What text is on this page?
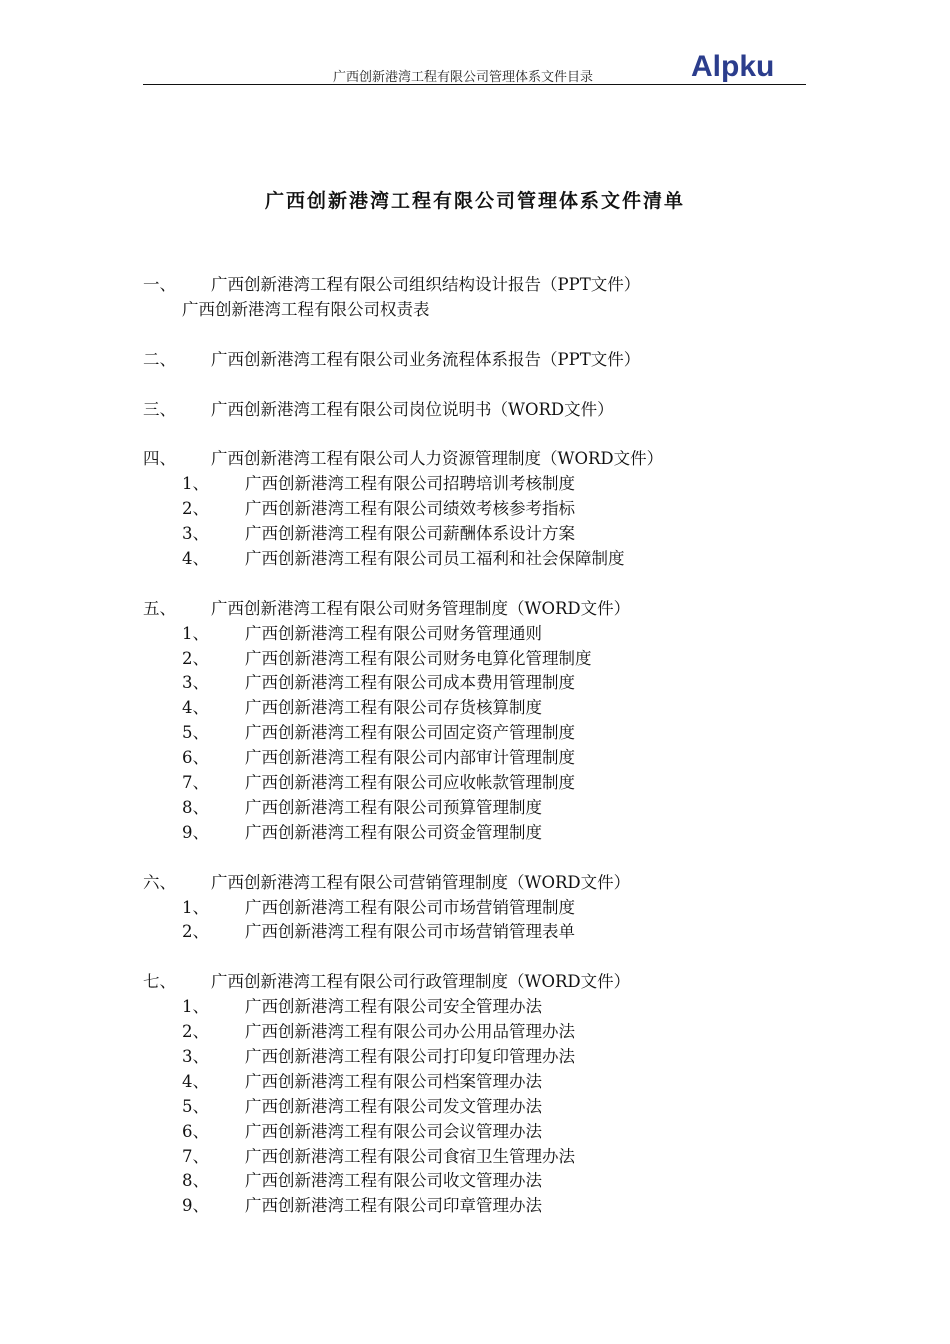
广西创新港湾工程有限公司管理体系文件目录	Alpku
广西创新港湾工程有限公司管理体系文件清单
一、 广西创新港湾工程有限公司组织结构设计报告（PPT文件）
广西创新港湾工程有限公司权责表
二、 广西创新港湾工程有限公司业务流程体系报告（PPT文件）
三、 广西创新港湾工程有限公司岗位说明书（WORD文件）
四、 广西创新港湾工程有限公司人力资源管理制度（WORD文件）
1、 广西创新港湾工程有限公司招聘培训考核制度
2、 广西创新港湾工程有限公司绩效考核参考指标
3、 广西创新港湾工程有限公司薪酬体系设计方案
4、 广西创新港湾工程有限公司员工福利和社会保障制度
五、 广西创新港湾工程有限公司财务管理制度（WORD文件）
1、 广西创新港湾工程有限公司财务管理通则
2、 广西创新港湾工程有限公司财务电算化管理制度
3、 广西创新港湾工程有限公司成本费用管理制度
4、 广西创新港湾工程有限公司存货核算制度
5、 广西创新港湾工程有限公司固定资产管理制度
6、 广西创新港湾工程有限公司内部审计管理制度
7、 广西创新港湾工程有限公司应收帐款管理制度
8、 广西创新港湾工程有限公司预算管理制度
9、 广西创新港湾工程有限公司资金管理制度
六、 广西创新港湾工程有限公司营销管理制度（WORD文件）
1、 广西创新港湾工程有限公司市场营销管理制度
2、 广西创新港湾工程有限公司市场营销管理表单
七、 广西创新港湾工程有限公司行政管理制度（WORD文件）
1、 广西创新港湾工程有限公司安全管理办法
2、 广西创新港湾工程有限公司办公用品管理办法
3、 广西创新港湾工程有限公司打印复印管理办法
4、 广西创新港湾工程有限公司档案管理办法
5、 广西创新港湾工程有限公司发文管理办法
6、 广西创新港湾工程有限公司会议管理办法
7、 广西创新港湾工程有限公司食宿卫生管理办法
8、 广西创新港湾工程有限公司收文管理办法
9、 广西创新港湾工程有限公司印章管理办法
